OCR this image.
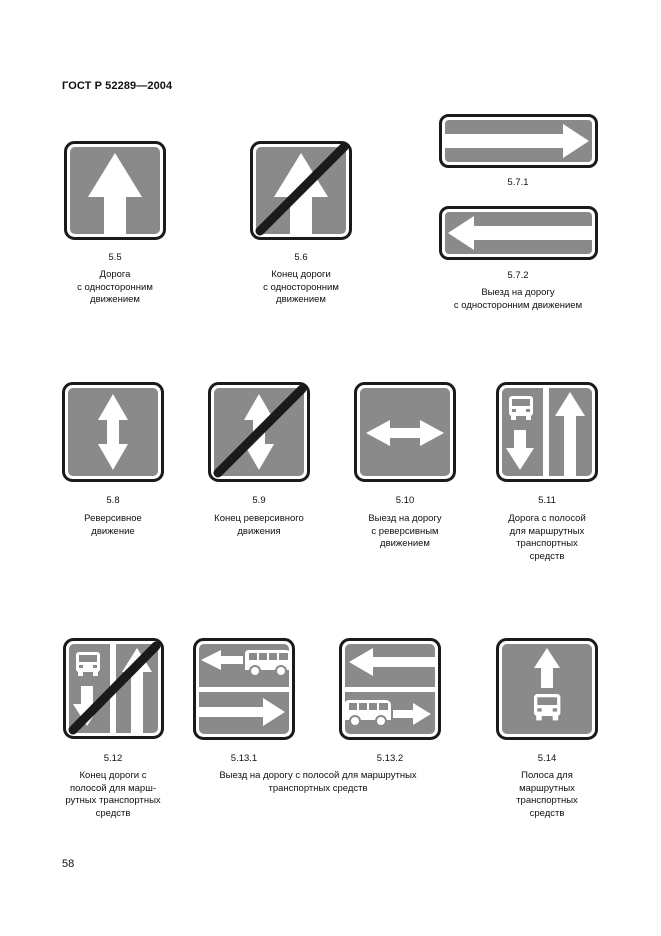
ГОСТ Р 52289—2004
5.5
Дорога
с односторонним
движением
5.6
Конец дороги
с односторонним
движением
5.7.1
5.7.2
Выезд на дорогу
с односторонним движением
5.8
Реверсивное
движение
5.9
Конец реверсивного
движения
5.10
Выезд на дорогу
с реверсивным
движением
5.11
Дорога с полосой
для маршрутных
транспортных
средств
5.12
Конец дороги с
полосой для марш-
рутных транспортных
средств
5.13.1	5.13.2
Выезд на дорогу с полосой для маршрутных
транспортных средств
5.14
Полоса для
маршрутных
транспортных
средств
58
